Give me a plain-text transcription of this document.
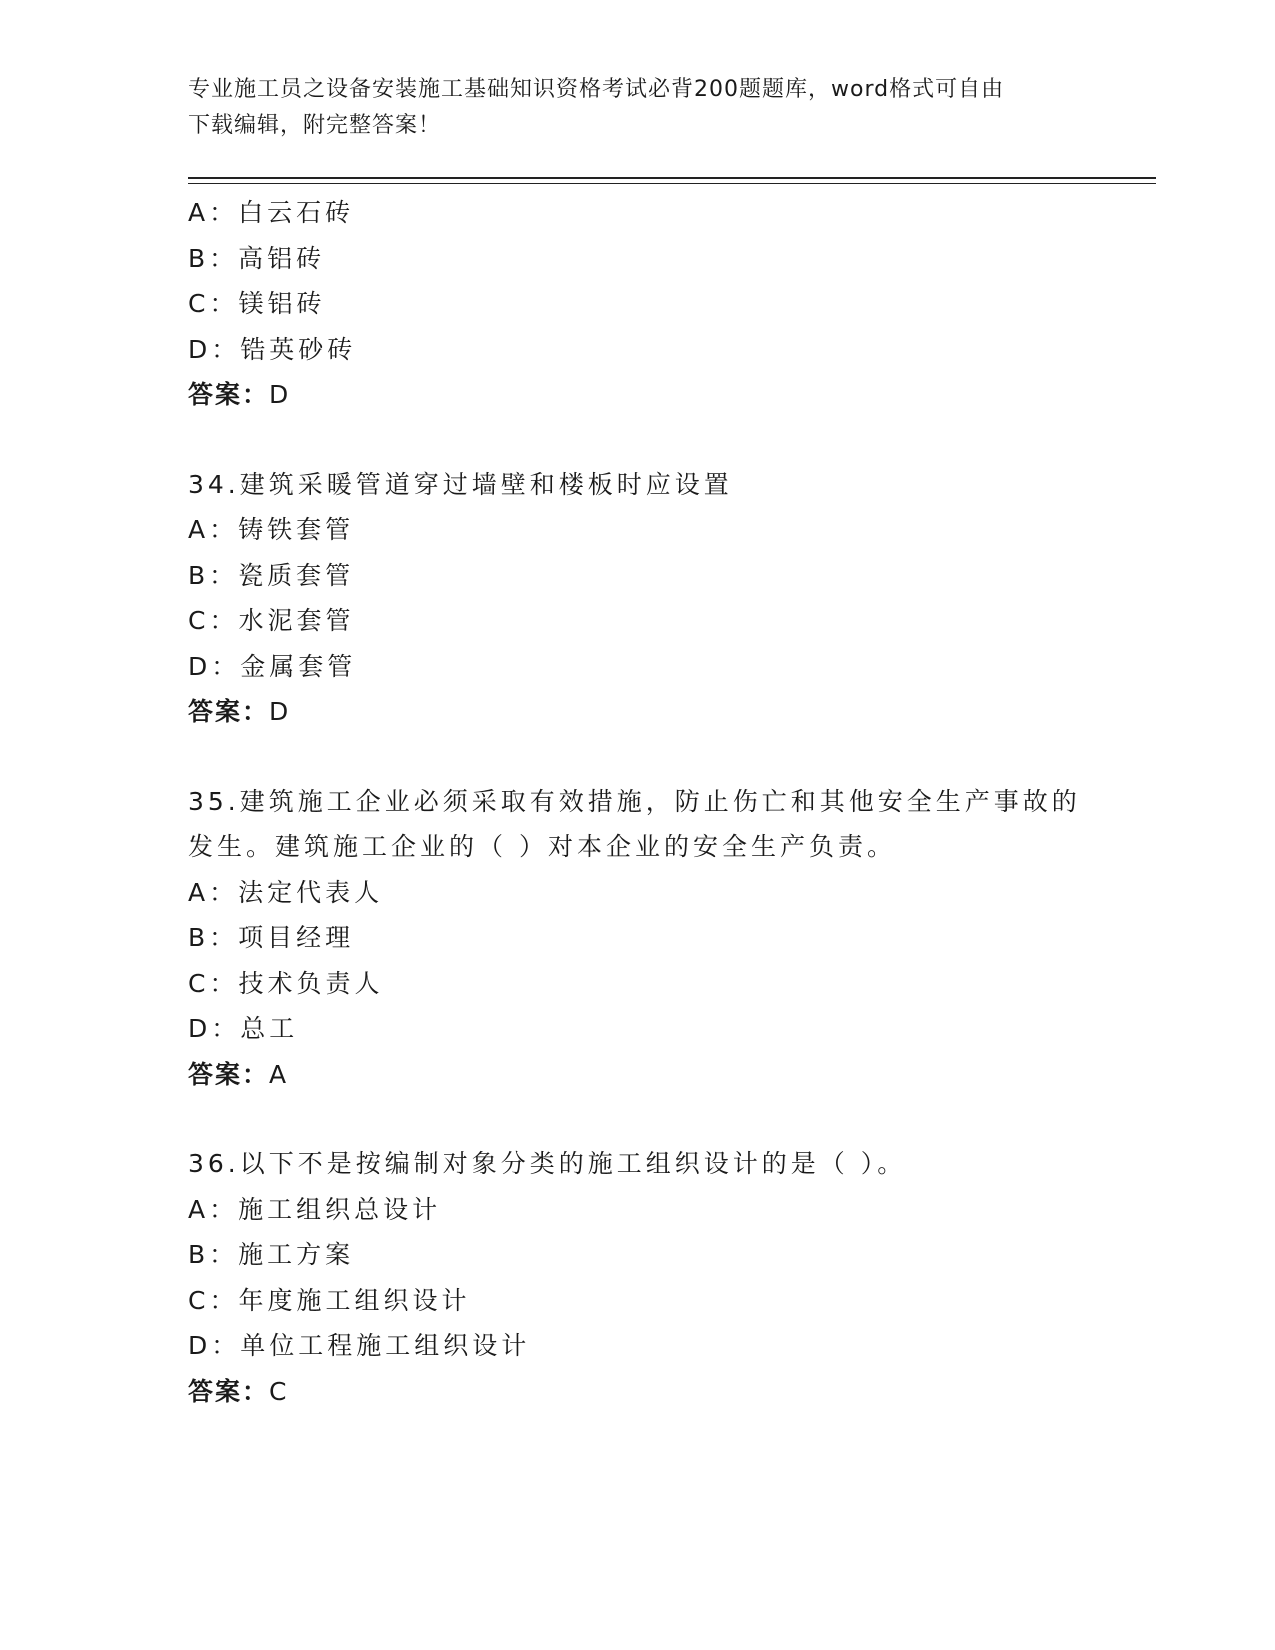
专业施工员之设备安装施工基础知识资格考试必背200题题库，word格式可自由
下载编辑，附完整答案！
A：白云石砖
B：高铝砖
C：镁铝砖
D：锆英砂砖
答案：D
34.建筑采暖管道穿过墙壁和楼板时应设置
A：铸铁套管
B：瓷质套管
C：水泥套管
D：金属套管
答案：D
35.建筑施工企业必须采取有效措施，防止伤亡和其他安全生产事故的
发生。建筑施工企业的（ ）对本企业的安全生产负责。
A：法定代表人
B：项目经理
C：技术负责人
D：总工
答案：A
36.以下不是按编制对象分类的施工组织设计的是（ ）。
A：施工组织总设计
B：施工方案
C：年度施工组织设计
D：单位工程施工组织设计
答案：C
